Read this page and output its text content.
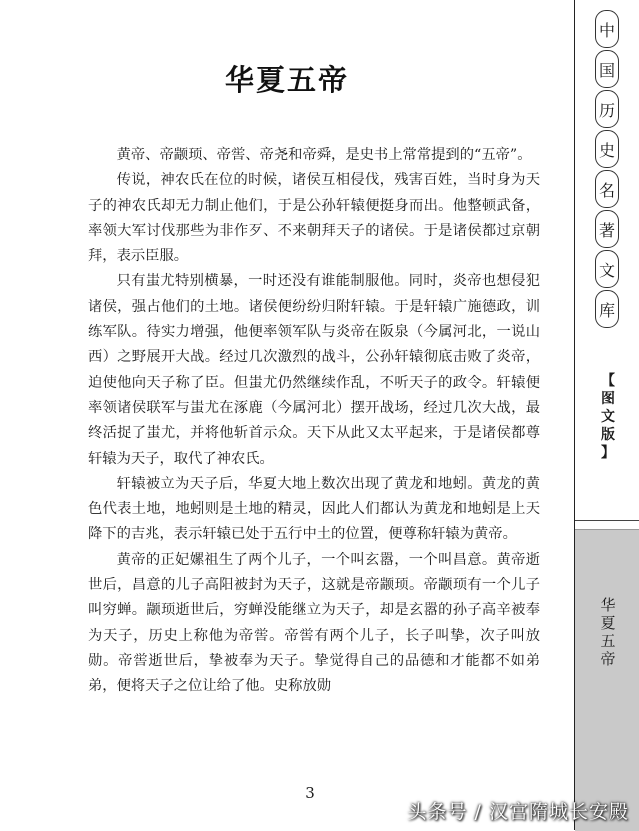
华夏五帝

黄帝、帝颛顼、帝喾、帝尧和帝舜，是史书上常常提到的“五帝”。

传说，神农氏在位的时候，诸侯互相侵伐，残害百姓，当时身为天子的神农氏却无力制止他们，于是公孙轩辕便挺身而出。他整顿武备，率领大军讨伐那些为非作歹、不来朝拜天子的诸侯。于是诸侯都过京朝拜，表示臣服。

只有蚩尤特别横暴，一时还没有谁能制服他。同时，炎帝也想侵犯诸侯，强占他们的土地。诸侯便纷纷归附轩辕。于是轩辕广施德政，训练军队。待实力增强，他便率领军队与炎帝在阪泉（今属河北，一说山西）之野展开大战。经过几次激烈的战斗，公孙轩辕彻底击败了炎帝，迫使他向天子称了臣。但蚩尤仍然继续作乱，不听天子的政令。轩辕便率领诸侯联军与蚩尤在涿鹿（今属河北）摆开战场，经过几次大战，最终活捉了蚩尤，并将他斩首示众。天下从此又太平起来，于是诸侯都尊轩辕为天子，取代了神农氏。

轩辕被立为天子后，华夏大地上数次出现了黄龙和地蚓。黄龙的黄色代表土地，地蚓则是土地的精灵，因此人们都认为黄龙和地蚓是上天降下的吉兆，表示轩辕已处于五行中土的位置，便尊称轩辕为黄帝。

黄帝的正妃嫘祖生了两个儿子，一个叫玄嚣，一个叫昌意。黄帝逝世后，昌意的儿子高阳被封为天子，这就是帝颛顼。帝颛顼有一个儿子叫穷蝉。颛顼逝世后，穷蝉没能继立为天子，却是玄嚣的孙子高辛被奉为天子，历史上称他为帝喾。帝喾有两个儿子，长子叫挚，次子叫放勋。帝喾逝世后，挚被奉为天子。挚觉得自己的品德和才能都不如弟弟，便将天子之位让给了他。史称放勋

3
中
国
历
史
名
著
文
库
【
图
文
版
】
华
夏
五
帝
头条号 / 汉宫隋城长安殿
